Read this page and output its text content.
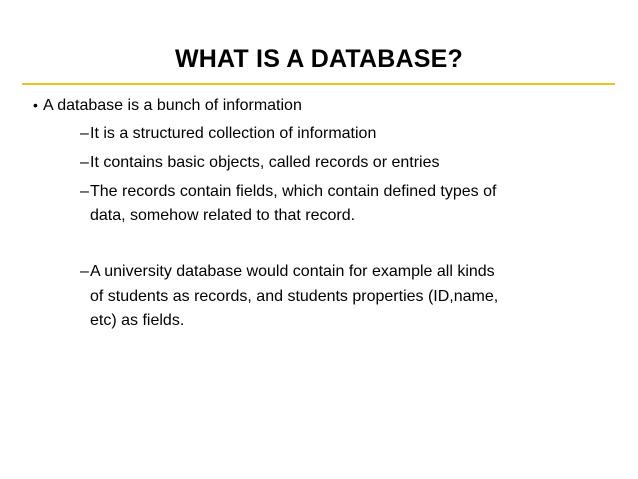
WHAT IS A DATABASE?
• A database is a bunch of information
–It is a structured collection of information
–It contains basic objects, called records or entries
–The records contain fields, which contain defined types of
data, somehow related to that record.
–A university database would contain for example all kinds
of students as records, and students properties (ID,name,
etc) as fields.
